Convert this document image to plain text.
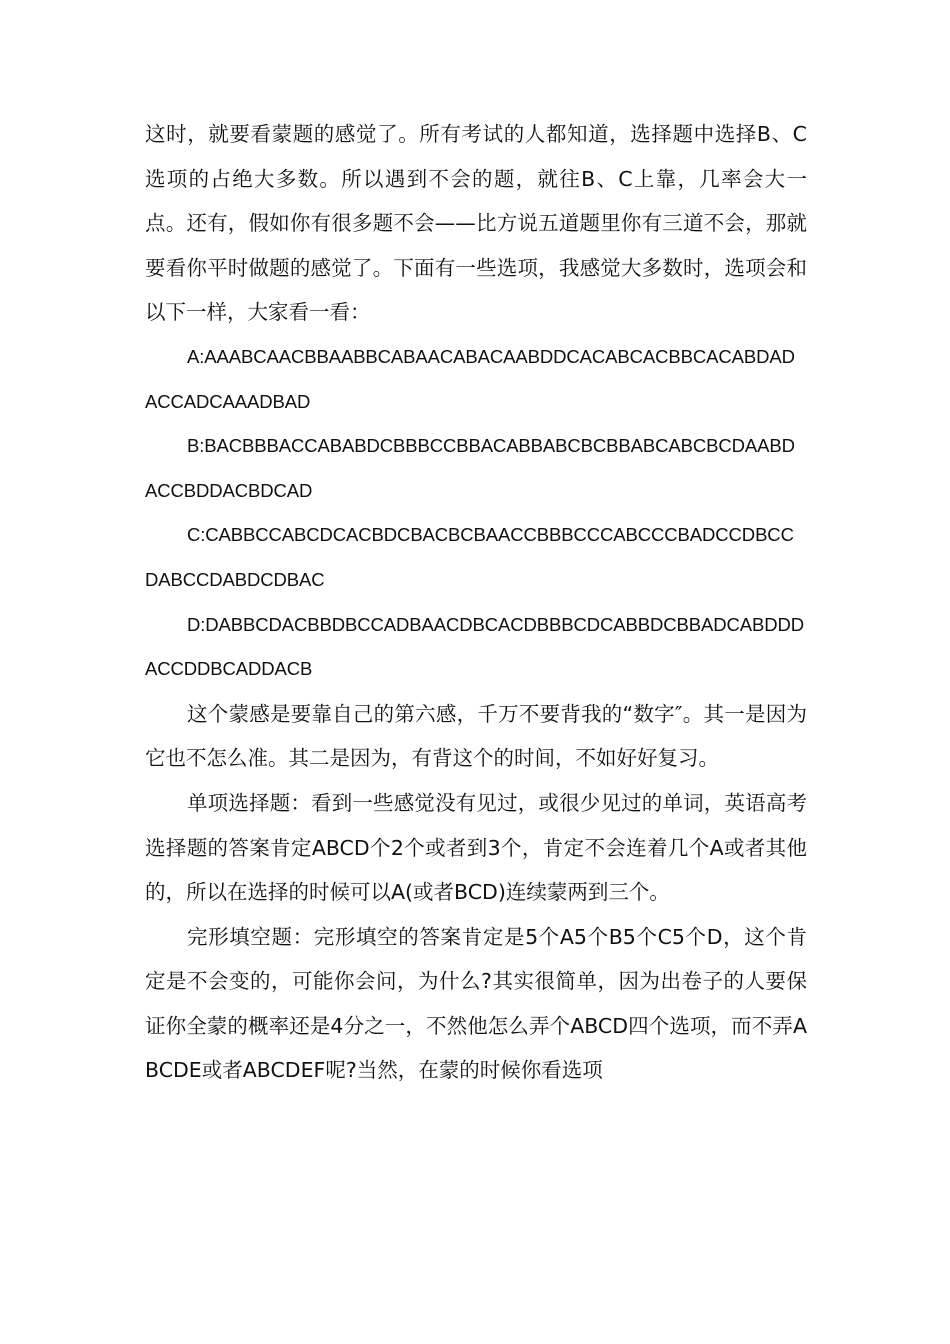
这时，就要看蒙题的感觉了。所有考试的人都知道，选择题中选择B、C选项的占绝大多数。所以遇到不会的题，就往B、C上靠，几率会大一点。还有，假如你有很多题不会——比方说五道题里你有三道不会，那就要看你平时做题的感觉了。下面有一些选项，我感觉大多数时，选项会和以下一样，大家看一看：

A:AAABCAACBBAABBCABAACABACAABDDCACABCACBBCACABDADACCADCAAADBAD

B:BACBBBACCABABDCBBBCCBBACABBABCBCBBABCABCBCDAABDACCBDDACBDCAD

C:CABBCCABCDCACBDCBACBCBAACCBBBCCCABCCCBADCCDBCCDABCCDABDCDBAC

D:DABBCDACBBDBCCADBAACDBCACDBBBCDCABBDCBBADCABDDDACCDDBCADDACB

这个蒙感是要靠自己的第六感，千万不要背我的“数字″。其一是因为它也不怎么准。其二是因为，有背这个的时间，不如好好复习。

单项选择题：看到一些感觉没有见过，或很少见过的单词，英语高考选择题的答案肯定ABCD个2个或者到3个，肯定不会连着几个A或者其他的，所以在选择的时候可以A(或者BCD)连续蒙两到三个。

完形填空题：完形填空的答案肯定是5个A5个B5个C5个D，这个肯定是不会变的，可能你会问，为什么?其实很简单，因为出卷子的人要保证你全蒙的概率还是4分之一，不然他怎么弄个ABCD四个选项，而不弄ABCDE或者ABCDEF呢?当然，在蒙的时候你看选项
